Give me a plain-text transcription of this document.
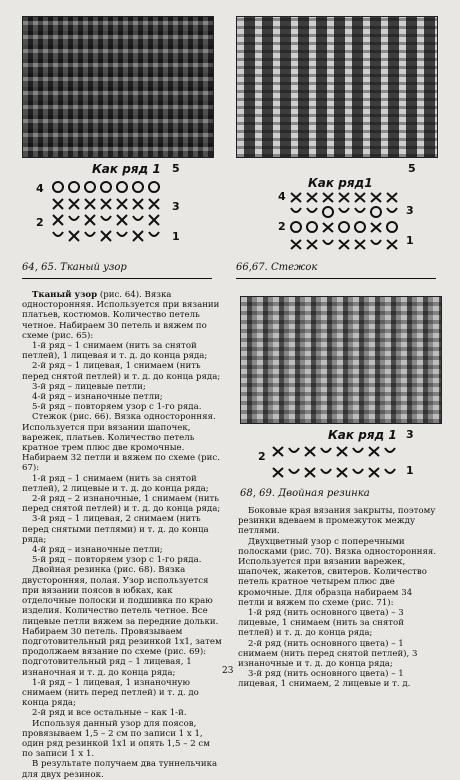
Как ряд 1 5
4
3
2
1
Как ряд1
5
4
3
2
1
64, 65. Тканый узор	66,67. Стежок
Как ряд 1 3
2
1
68, 69. Двойная резинка

Тканый узор (рис. 64). Вязка односторонняя. Используется при вязании платьев, костюмов. Количество петель четное. Набираем 30 петель и вяжем по схеме (рис. 65):

1-й ряд – 1 снимаем (нить за снятой петлей), 1 лицевая и т. д. до конца ряда;

2-й ряд – 1 лицевая, 1 снимаем (нить перед снятой петлей) и т. д. до конца ряда;

3-й ряд – лицевые петли;

4-й ряд – изнаночные петли;

5-й ряд – повторяем узор с 1-го ряда.

Стежок (рис. 66). Вязка односторонняя. Используется при вязании шапочек, варежек, платьев. Количество петель кратное трем плюс две кромочные. Набираем 32 петли и вяжем по схеме (рис. 67):

1-й ряд – 1 снимаем (нить за снятой петлей), 2 лицевые и т. д. до конца ряда;

2-й ряд – 2 изнаночные, 1 снимаем (нить перед снятой петлей) и т. д. до конца ряда;

3-й ряд – 1 лицевая, 2 снимаем (нить перед снятыми петлями) и т. д. до конца ряда;

4-й ряд – изнаночные петли;

5-й ряд – повторяем узор с 1-го ряда.

Двойная резинка (рис. 68). Вязка двусторонняя, полая. Узор используется при вязании поясов в юбках, как отделочные полоски и подшивка по краю изделия. Количество петель четное. Все лицевые петли вяжем за передние дольки. Набираем 30 петель. Провязываем подготовительный ряд резинкой 1x1, затем продолжаем вязание по схеме (рис. 69): подготовительный ряд – 1 лицевая, 1 изнаночная и т. д. до конца ряда;

1-й ряд – 1 лицевая, 1 изнаночную снимаем (нить перед петлей) и т. д. до конца ряда;

2-й ряд и все остальные – как 1-й.

Используя данный узор для поясов, провязываем 1,5 – 2 см по записи 1 x 1, один ряд резинкой 1x1 и опять 1,5 – 2 см по записи 1 x 1.

В результате получаем два туннельчика для двух резинок.

Боковые края вязания закрыты, поэтому резинки вдеваем в промежуток между петлями.

Двухцветный узор с поперечными полосками (рис. 70). Вязка односторонняя. Используется при вязании варежек, шапочек, жакетов, свитеров. Количество петель кратное четырем плюс две кромочные. Для образца набираем 34 петли и вяжем по схеме (рис. 71):

1-й ряд (нить основного цвета) – 3 лицевые, 1 снимаем (нить за снятой петлей) и т. д. до конца ряда;

2-й ряд (нить основного цвета) – 1 снимаем (нить перед снятой петлей), 3 изнаночные и т. д. до конца ряда;

3-й ряд (нить основного цвета) – 1 лицевая, 1 снимаем, 2 лицевые и т. д.

23
